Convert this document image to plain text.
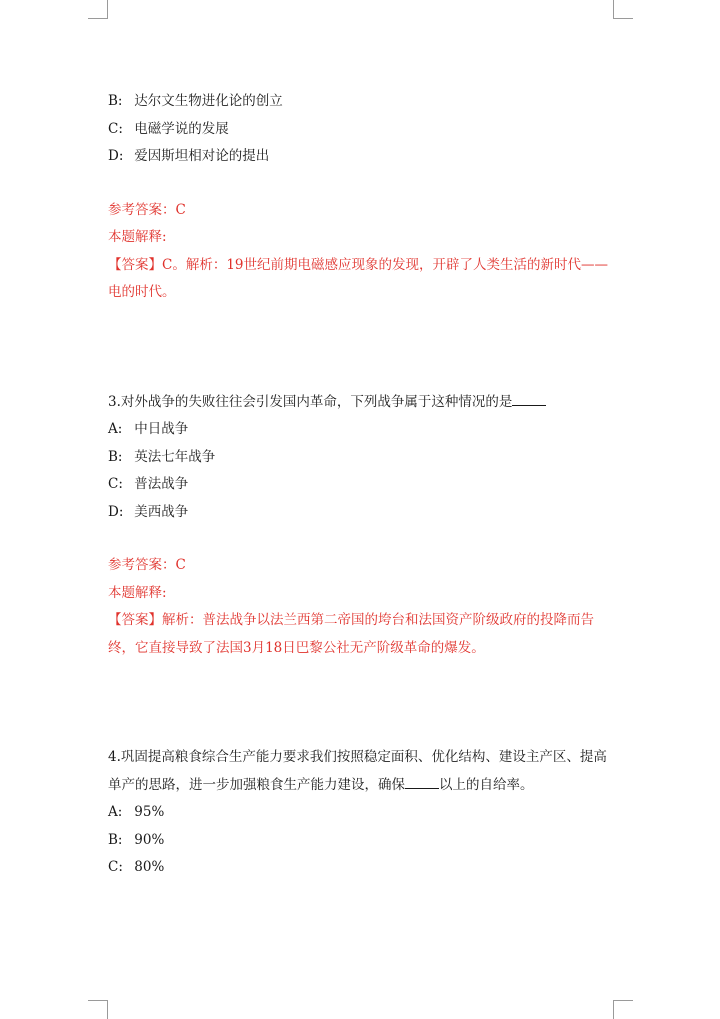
B: 达尔文生物进化论的创立
C: 电磁学说的发展
D: 爱因斯坦相对论的提出
参考答案：C
本题解释:
【答案】C。解析：19世纪前期电磁感应现象的发现，开辟了人类生活的新时代——电的时代。
3.对外战争的失败往往会引发国内革命，下列战争属于这种情况的是
A: 中日战争
B: 英法七年战争
C: 普法战争
D: 美西战争
参考答案：C
本题解释:
【答案】解析：普法战争以法兰西第二帝国的垮台和法国资产阶级政府的投降而告终，它直接导致了法国3月18日巴黎公社无产阶级革命的爆发。
4.巩固提高粮食综合生产能力要求我们按照稳定面积、优化结构、建设主产区、提高单产的思路，进一步加强粮食生产能力建设，确保	以上的自给率。
A: 95%
B: 90%
C: 80%
